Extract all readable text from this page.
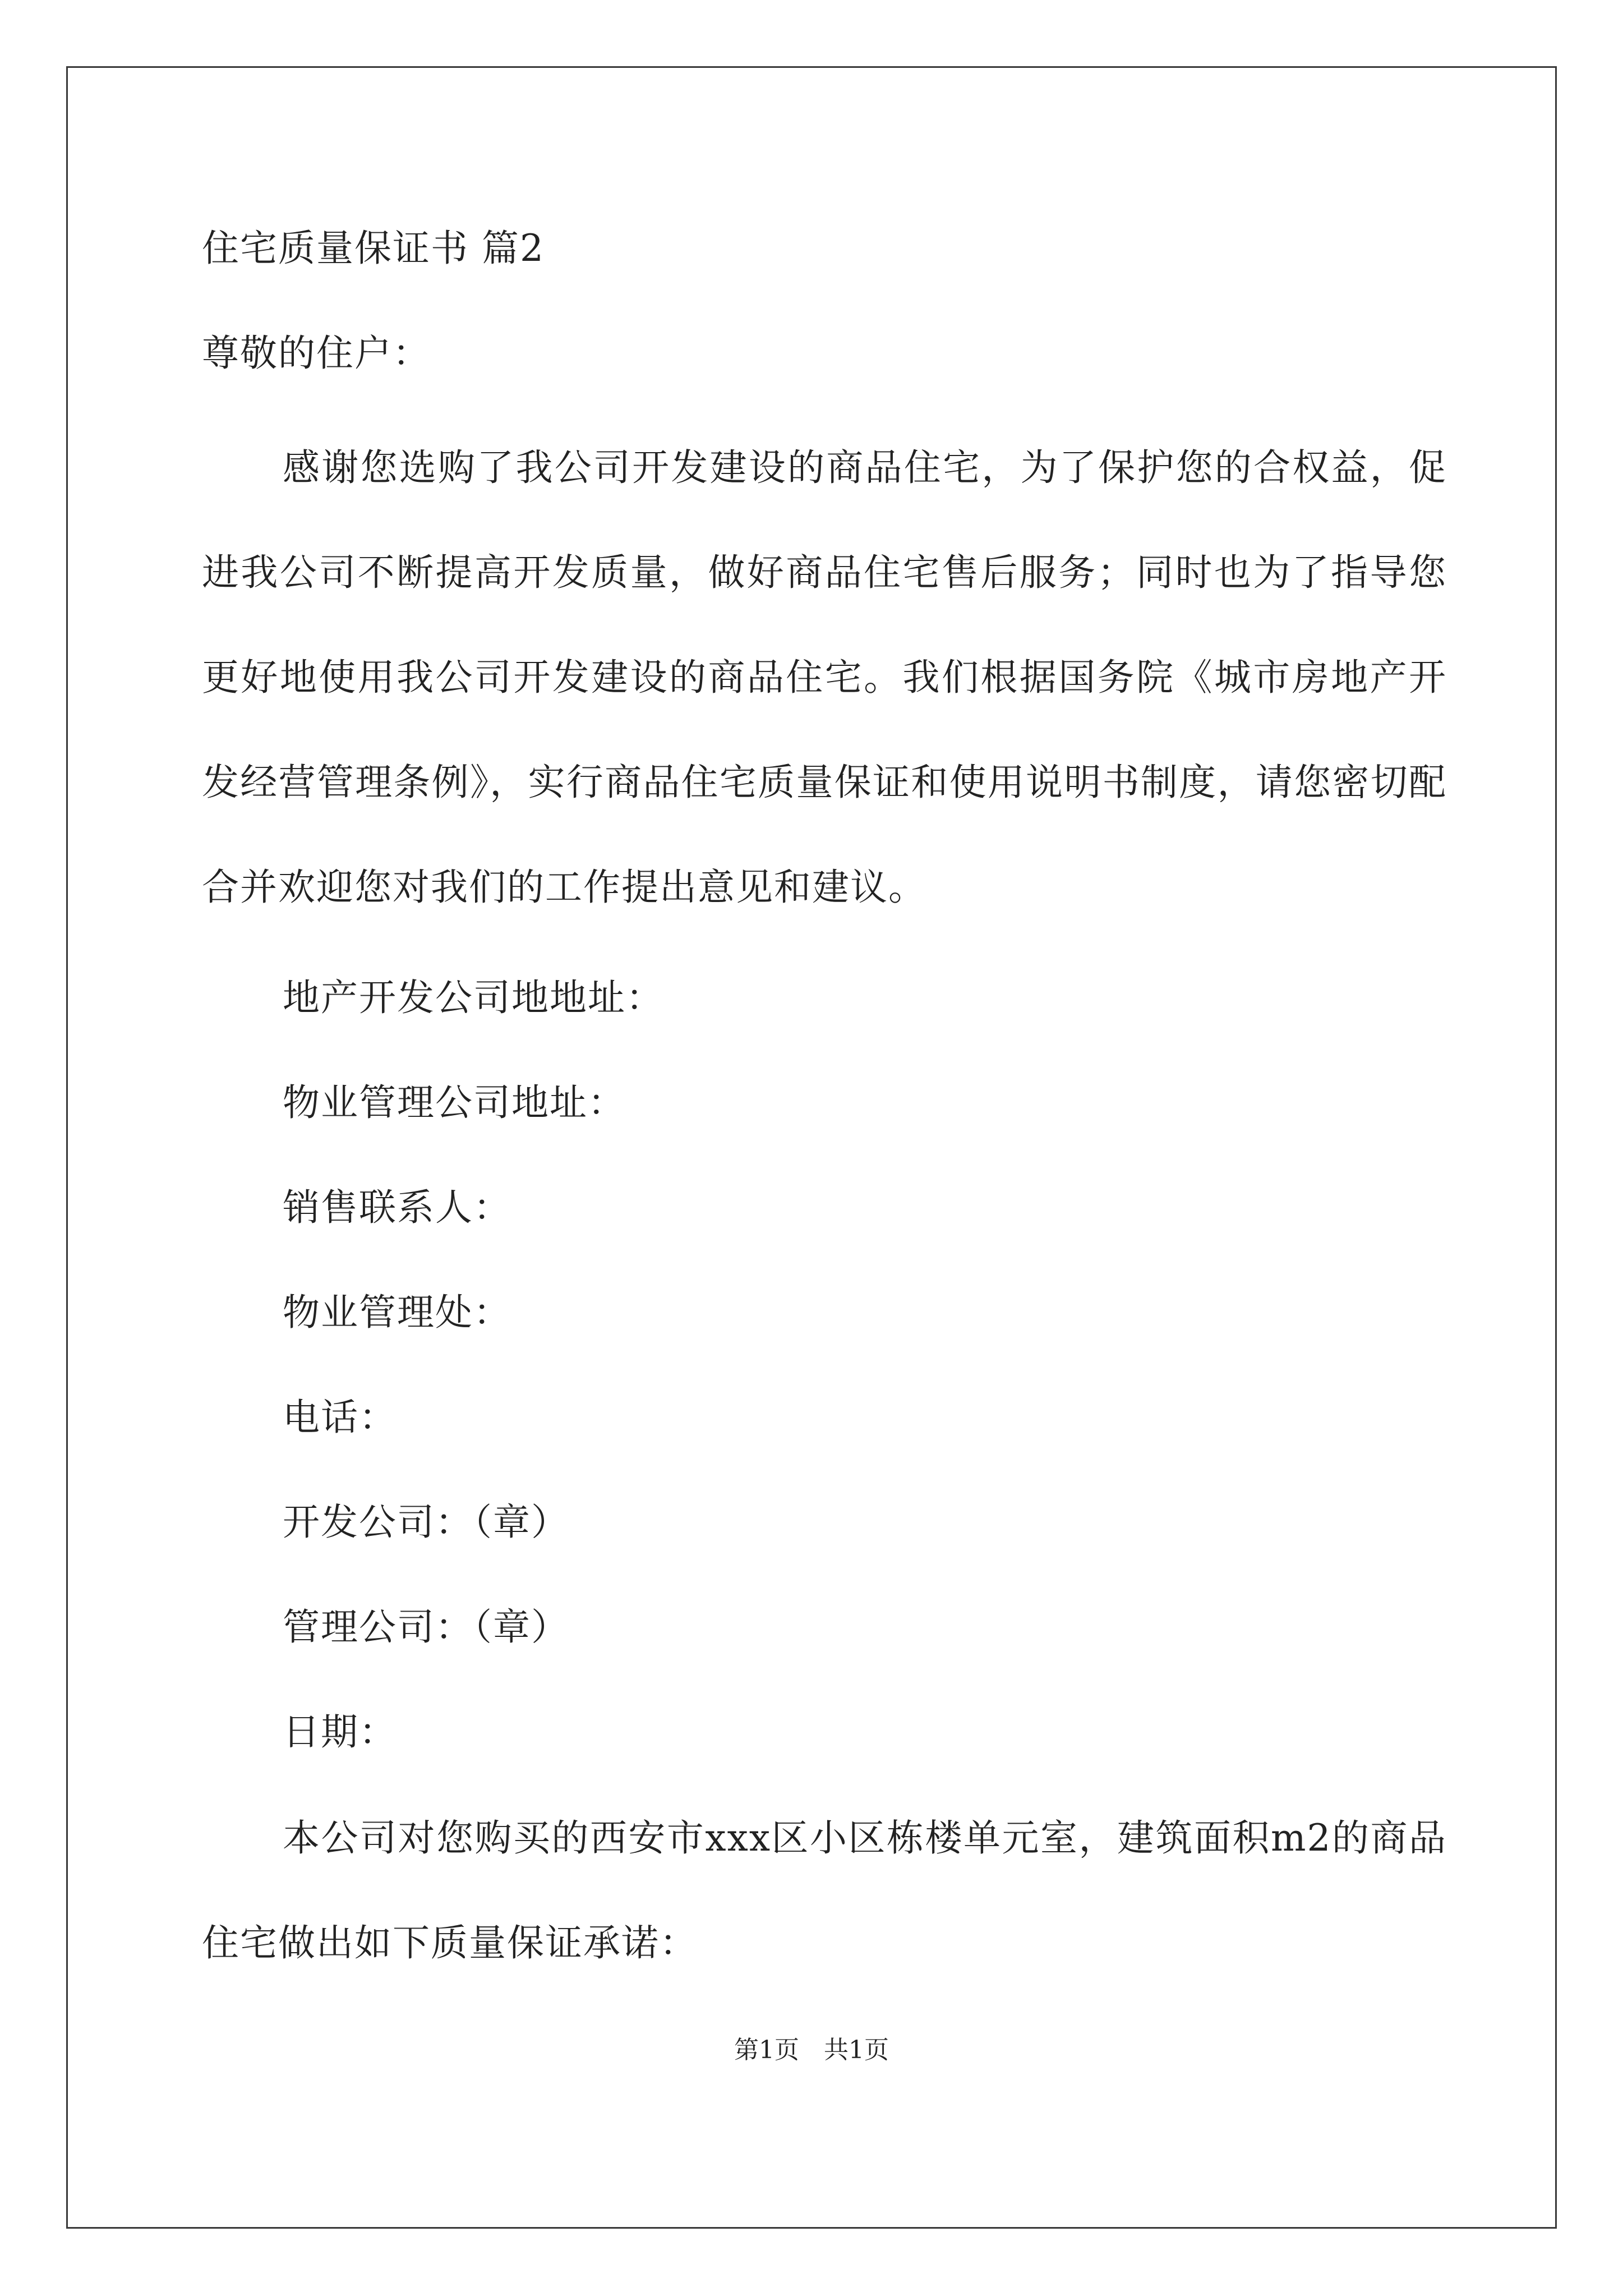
住宅质量保证书 篇2
尊敬的住户：
感谢您选购了我公司开发建设的商品住宅，为了保护您的合权益，促进我公司不断提高开发质量，做好商品住宅售后服务；同时也为了指导您更好地使用我公司开发建设的商品住宅。我们根据国务院《城市房地产开发经营管理条例》，实行商品住宅质量保证和使用说明书制度，请您密切配合并欢迎您对我们的工作提出意见和建议。
地产开发公司地地址：
物业管理公司地址：
销售联系人：
物业管理处：
电话：
开发公司：（章）
管理公司：（章）
日期：
本公司对您购买的西安市xxx区小区栋楼单元室，建筑面积m2的商品住宅做出如下质量保证承诺：
第1页　共1页
